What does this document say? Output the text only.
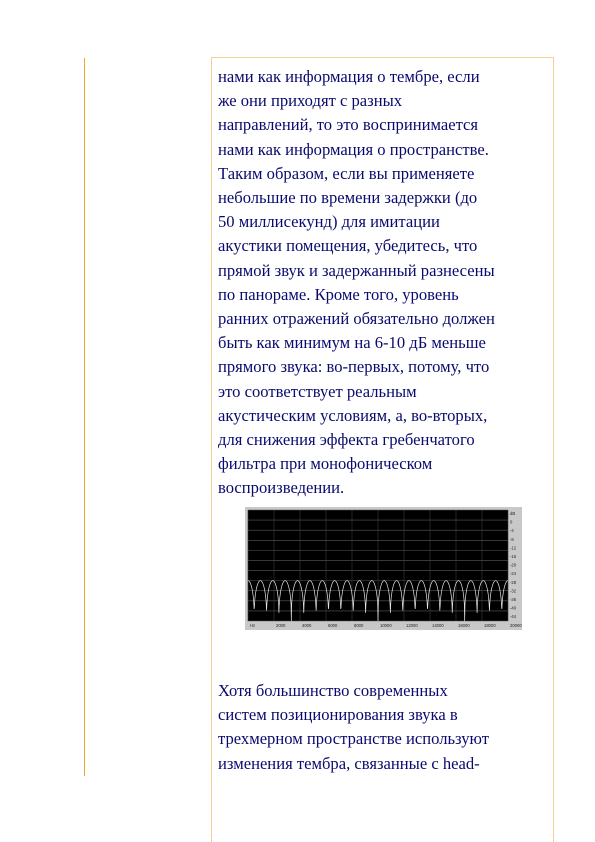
нами как информация о тембре, если
же они приходят с разных
направлений, то это воспринимается
нами как информация о пространстве.
Таким образом, если вы применяете
небольшие по времени задержки (до
50 миллисекунд) для имитации
акустики помещения, убедитесь, что
прямой звук и задержанный разнесены
по панораме. Кроме того, уровень
ранних отражений обязательно должен
быть как минимум на 6-10 дБ меньше
прямого звука: во-первых, потому, что
это соответствует реальным
акустическим условиям, а, во-вторых,
для снижения эффекта гребенчатого
фильтра при монофоническом
воспроизведении.
dB
0
-4
-8
-12
-16
-20
-24
-28
-32
-36
-40
-44
Hz	2000	4000	6000	8000	10000	12000	14000	16000	18000	20000
Хотя большинство современных
систем позиционирования звука в
трехмерном пространстве используют
изменения тембра, связанные с head-
